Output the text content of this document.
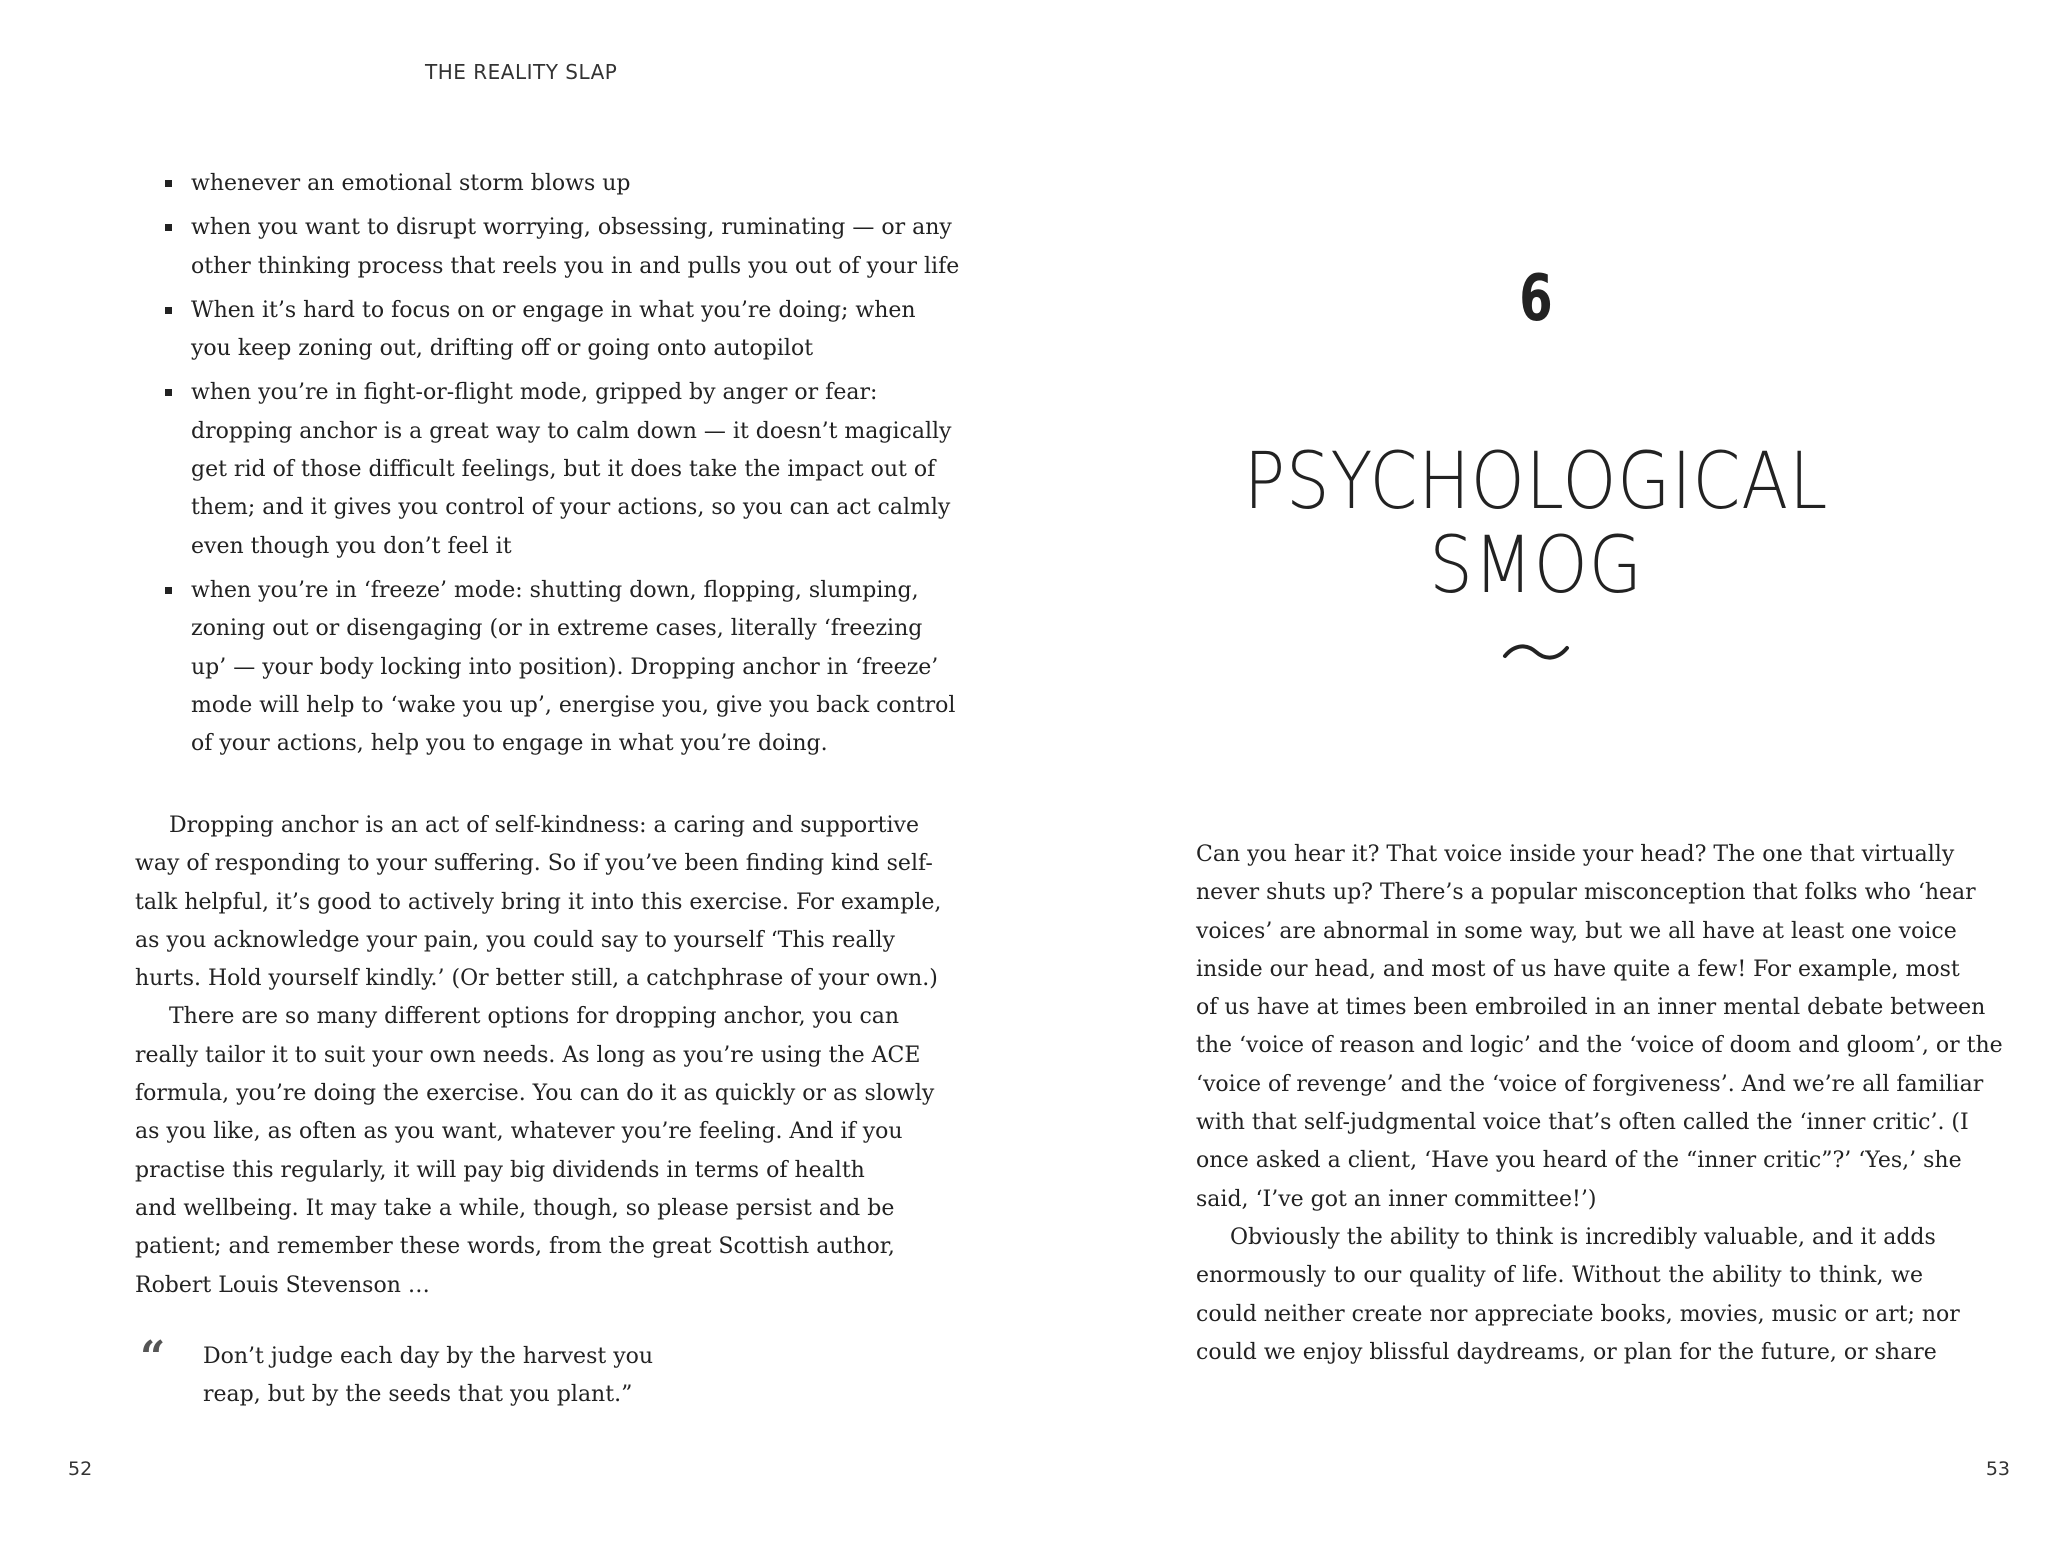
THE REALITY SLAP
whenever an emotional storm blows up
when you want to disrupt worrying, obsessing, ruminating — or any
other thinking process that reels you in and pulls you out of your life
When it’s hard to focus on or engage in what you’re doing; when
you keep zoning out, drifting off or going onto autopilot
when you’re in fight-or-flight mode, gripped by anger or fear:
dropping anchor is a great way to calm down — it doesn’t magically
get rid of those difficult feelings, but it does take the impact out of
them; and it gives you control of your actions, so you can act calmly
even though you don’t feel it
when you’re in ‘freeze’ mode: shutting down, flopping, slumping,
zoning out or disengaging (or in extreme cases, literally ‘freezing
up’ — your body locking into position). Dropping anchor in ‘freeze’
mode will help to ‘wake you up’, energise you, give you back control
of your actions, help you to engage in what you’re doing.

Dropping anchor is an act of self-kindness: a caring and supportive
way of responding to your suffering. So if you’ve been finding kind self-
talk helpful, it’s good to actively bring it into this exercise. For example,
as you acknowledge your pain, you could say to yourself ‘This really
hurts. Hold yourself kindly.’ (Or better still, a catchphrase of your own.)

There are so many different options for dropping anchor, you can
really tailor it to suit your own needs. As long as you’re using the ACE
formula, you’re doing the exercise. You can do it as quickly or as slowly
as you like, as often as you want, whatever you’re feeling. And if you
practise this regularly, it will pay big dividends in terms of health
and wellbeing. It may take a while, though, so please persist and be
patient; and remember these words, from the great Scottish author,
Robert Louis Stevenson …

“ Don’t judge each day by the harvest you
reap, but by the seeds that you plant.”
52
6
PSYCHOLOGICAL
SMOG

Can you hear it? That voice inside your head? The one that virtually
never shuts up? There’s a popular misconception that folks who ‘hear
voices’ are abnormal in some way, but we all have at least one voice
inside our head, and most of us have quite a few! For example, most
of us have at times been embroiled in an inner mental debate between
the ‘voice of reason and logic’ and the ‘voice of doom and gloom’, or the
‘voice of revenge’ and the ‘voice of forgiveness’. And we’re all familiar
with that self-judgmental voice that’s often called the ‘inner critic’. (I
once asked a client, ‘Have you heard of the “inner critic”?’ ‘Yes,’ she
said, ‘I’ve got an inner committee!’)

Obviously the ability to think is incredibly valuable, and it adds
enormously to our quality of life. Without the ability to think, we
could neither create nor appreciate books, movies, music or art; nor
could we enjoy blissful daydreams, or plan for the future, or share

53
